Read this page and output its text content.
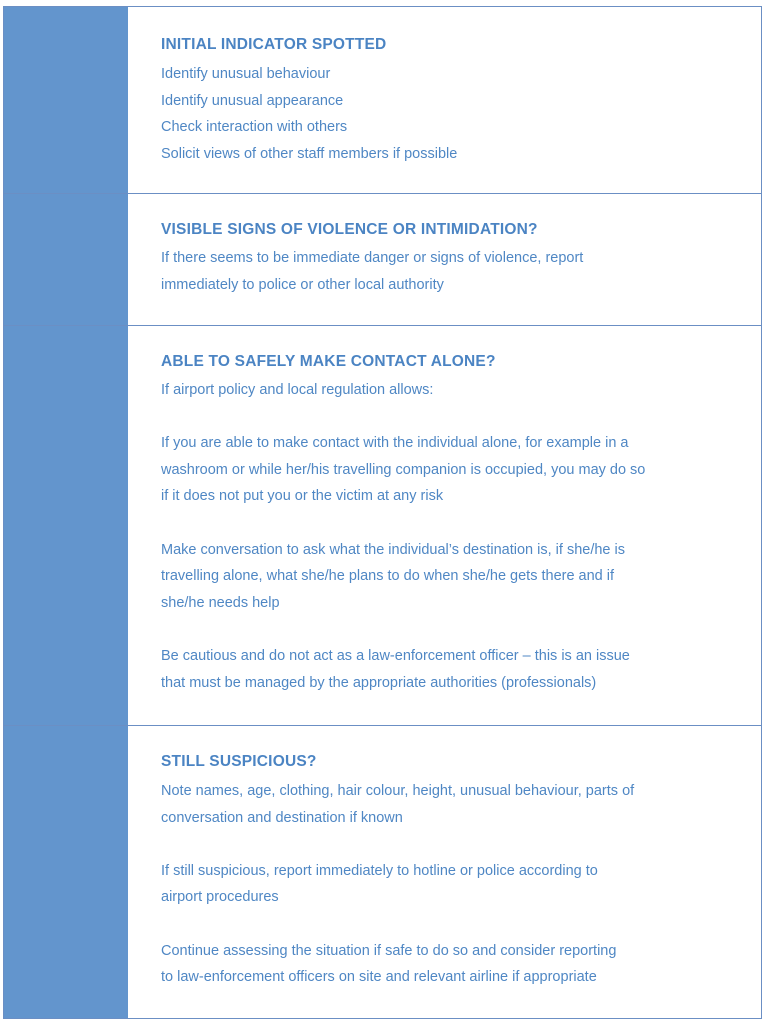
INITIAL INDICATOR SPOTTED

Identify unusual behaviour

Identify unusual appearance

Check interaction with others

Solicit views of other staff members if possible

VISIBLE SIGNS OF VIOLENCE OR INTIMIDATION?

If there seems to be immediate danger or signs of violence, report

immediately to police or other local authority

ABLE TO SAFELY MAKE CONTACT ALONE?

If airport policy and local regulation allows:

If you are able to make contact with the individual alone, for example in a

washroom or while her/his travelling companion is occupied, you may do so

if it does not put you or the victim at any risk

Make conversation to ask what the individual’s destination is, if she/he is

travelling alone, what she/he plans to do when she/he gets there and if

she/he needs help

Be cautious and do not act as a law-enforcement officer – this is an issue

that must be managed by the appropriate authorities (professionals)

STILL SUSPICIOUS?

Note names, age, clothing, hair colour, height, unusual behaviour, parts of

conversation and destination if known

If still suspicious, report immediately to hotline or police according to

airport procedures

Continue assessing the situation if safe to do so and consider reporting

to law-enforcement officers on site and relevant airline if appropriate
